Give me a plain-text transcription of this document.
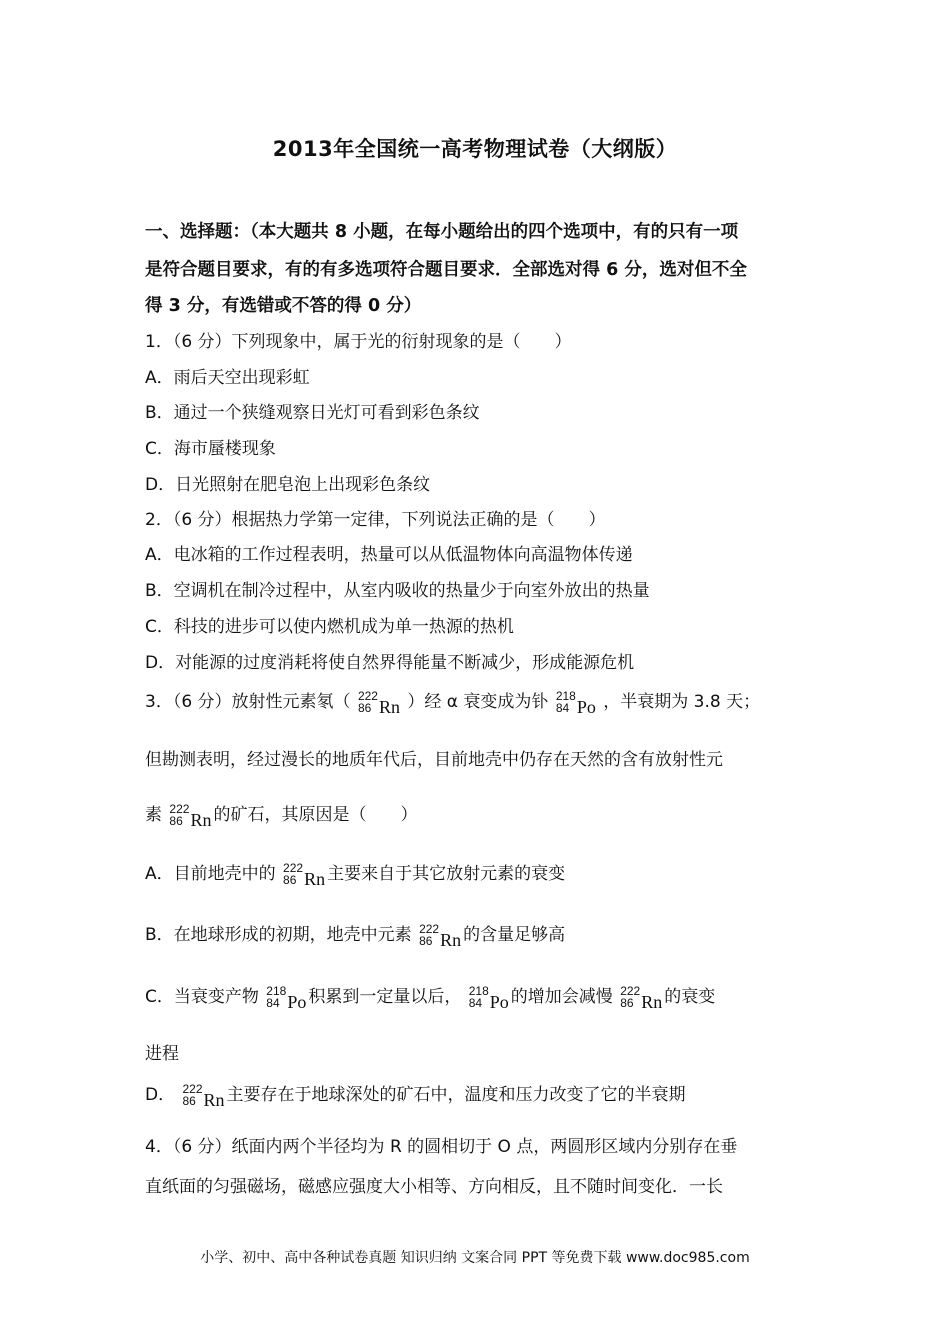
2013年全国统一高考物理试卷（大纲版）
一、选择题：（本大题共 8 小题，在每小题给出的四个选项中，有的只有一项
是符合题目要求，有的有多选项符合题目要求．全部选对得 6 分，选对但不全
得 3 分，有选错或不答的得 0 分）
1．（6 分）下列现象中，属于光的衍射现象的是（　　）
A．雨后天空出现彩虹
B．通过一个狭缝观察日光灯可看到彩色条纹
C．海市蜃楼现象
D．日光照射在肥皂泡上出现彩色条纹
2．（6 分）根据热力学第一定律，下列说法正确的是（　　）
A．电冰箱的工作过程表明，热量可以从低温物体向高温物体传递
B．空调机在制冷过程中，从室内吸收的热量少于向室外放出的热量
C．科技的进步可以使内燃机成为单一热源的热机
D．对能源的过度消耗将使自然界得能量不断减少，形成能源危机
3．（6 分）放射性元素氡（ 222
86 Rn ）经 α 衰变成为钋 218
84 Po ，半衰期为 3.8 天；
但勘测表明，经过漫长的地质年代后，目前地壳中仍存在天然的含有放射性元
素 222
86 Rn 的矿石，其原因是（　　）
A．目前地壳中的 222
86 Rn 主要来自于其它放射元素的衰变
B．在地球形成的初期，地壳中元素 222
86 Rn 的含量足够高
C．当衰变产物 218
84 Po 积累到一定量以后， 218
84 Po 的增加会减慢 222
86 Rn 的衰变
进程
D． 222
86 Rn 主要存在于地球深处的矿石中，温度和压力改变了它的半衰期
4．（6 分）纸面内两个半径均为 R 的圆相切于 O 点，两圆形区域内分别存在垂
直纸面的匀强磁场，磁感应强度大小相等、方向相反，且不随时间变化．一长
小学、初中、高中各种试卷真题 知识归纳 文案合同 PPT 等免费下载 www.doc985.com
